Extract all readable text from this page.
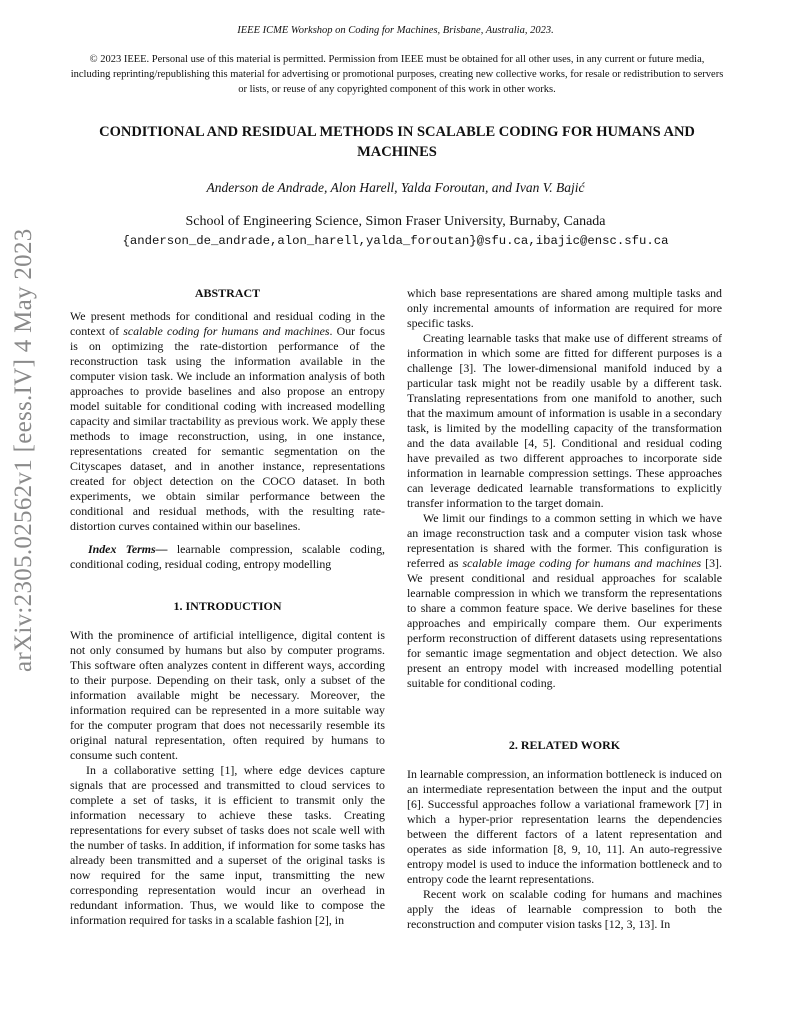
IEEE ICME Workshop on Coding for Machines, Brisbane, Australia, 2023.
© 2023 IEEE. Personal use of this material is permitted. Permission from IEEE must be obtained for all other uses, in any current or future media, including reprinting/republishing this material for advertising or promotional purposes, creating new collective works, for resale or redistribution to servers or lists, or reuse of any copyrighted component of this work in other works.
CONDITIONAL AND RESIDUAL METHODS IN SCALABLE CODING FOR HUMANS AND MACHINES
Anderson de Andrade, Alon Harell, Yalda Foroutan, and Ivan V. Bajić
School of Engineering Science, Simon Fraser University, Burnaby, Canada
{anderson_de_andrade,alon_harell,yalda_foroutan}@sfu.ca,ibajic@ensc.sfu.ca
arXiv:2305.02562v1 [eess.IV] 4 May 2023	ABSTRACT

We present methods for conditional and residual coding in the context of scalable coding for humans and machines. Our focus is on optimizing the rate-distortion performance of the reconstruction task using the information available in the computer vision task. We include an information analysis of both approaches to provide baselines and also propose an entropy model suitable for conditional coding with increased modelling capacity and similar tractability as previous work. We apply these methods to image reconstruction, using, in one instance, representations created for semantic segmentation on the Cityscapes dataset, and in another instance, representations created for object detection on the COCO dataset. In both experiments, we obtain similar performance between the conditional and residual methods, with the resulting rate-distortion curves contained within our baselines.

Index Terms— learnable compression, scalable coding, conditional coding, residual coding, entropy modelling

1. INTRODUCTION

With the prominence of artificial intelligence, digital content is not only consumed by humans but also by computer programs. This software often analyzes content in different ways, according to their purpose. Depending on their task, only a subset of the information available might be necessary. Moreover, the information required can be represented in a more suitable way for the computer program that does not necessarily resemble its original natural representation, often required by humans to consume such content.

In a collaborative setting [1], where edge devices capture signals that are processed and transmitted to cloud services to complete a set of tasks, it is efficient to transmit only the information necessary to achieve these tasks. Creating representations for every subset of tasks does not scale well with the number of tasks. In addition, if information for some tasks has already been transmitted and a superset of the original tasks is now required for the same input, transmitting the new corresponding representation would incur an overhead in redundant information. Thus, we would like to compose the information required for tasks in a scalable fashion [2], in

which base representations are shared among multiple tasks and only incremental amounts of information are required for more specific tasks.

Creating learnable tasks that make use of different streams of information in which some are fitted for different purposes is a challenge [3]. The lower-dimensional manifold induced by a particular task might not be readily usable by a different task. Translating representations from one manifold to another, such that the maximum amount of information is usable in a secondary task, is limited by the modelling capacity of the transformation and the data available [4, 5]. Conditional and residual coding have prevailed as two different approaches to incorporate side information in learnable compression settings. These approaches can leverage dedicated learnable transformations to explicitly transfer information to the target domain.

We limit our findings to a common setting in which we have an image reconstruction task and a computer vision task whose representation is shared with the former. This configuration is referred as scalable image coding for humans and machines [3]. We present conditional and residual approaches for scalable learnable compression in which we transform the representations to share a common feature space. We derive baselines for these approaches and empirically compare them. Our experiments perform reconstruction of different datasets using representations for semantic image segmentation and object detection. We also present an entropy model with increased modelling potential suitable for conditional coding.

2. RELATED WORK

In learnable compression, an information bottleneck is induced on an intermediate representation between the input and the output [6]. Successful approaches follow a variational framework [7] in which a hyper-prior representation learns the dependencies between the different factors of a latent representation and operates as side information [8, 9, 10, 11]. An auto-regressive entropy model is used to induce the information bottleneck and to entropy code the learnt representations.

Recent work on scalable coding for humans and machines apply the ideas of learnable compression to both the reconstruction and computer vision tasks [12, 3, 13]. In
